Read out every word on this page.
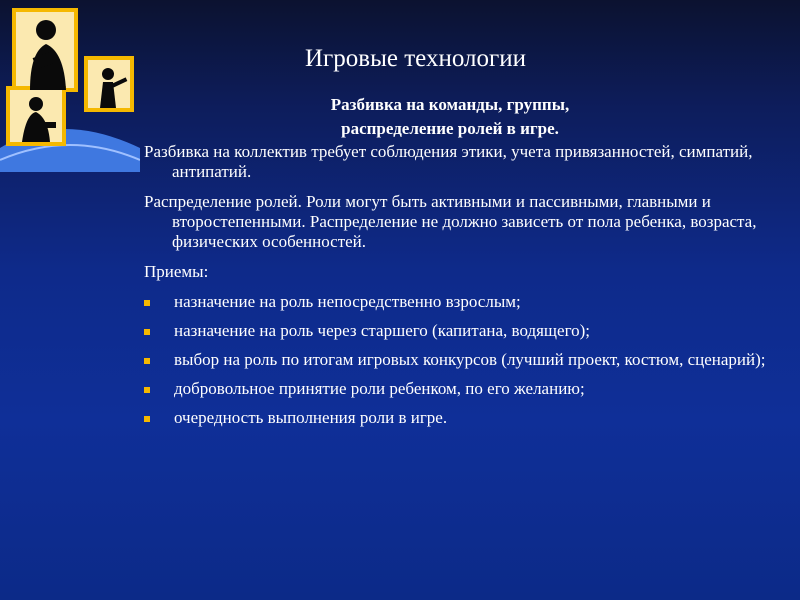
Игровые технологии
Разбивка на команды, группы,
распределение ролей в игре.

Разбивка на коллектив требует соблюдения этики, учета привязанностей, симпатий, антипатий.

Распределение ролей. Роли могут быть активными и пассивными, главными и второстепенными. Распределение не должно зависеть от пола ребенка, возраста, физических особенностей.

Приемы:

назначение на роль непосредственно взрослым;
назначение на роль через старшего (капитана, водящего);
выбор на роль по итогам игровых конкурсов (лучший проект, костюм, сценарий);
добровольное принятие роли ребенком, по его желанию;
очередность выполнения роли в игре.
